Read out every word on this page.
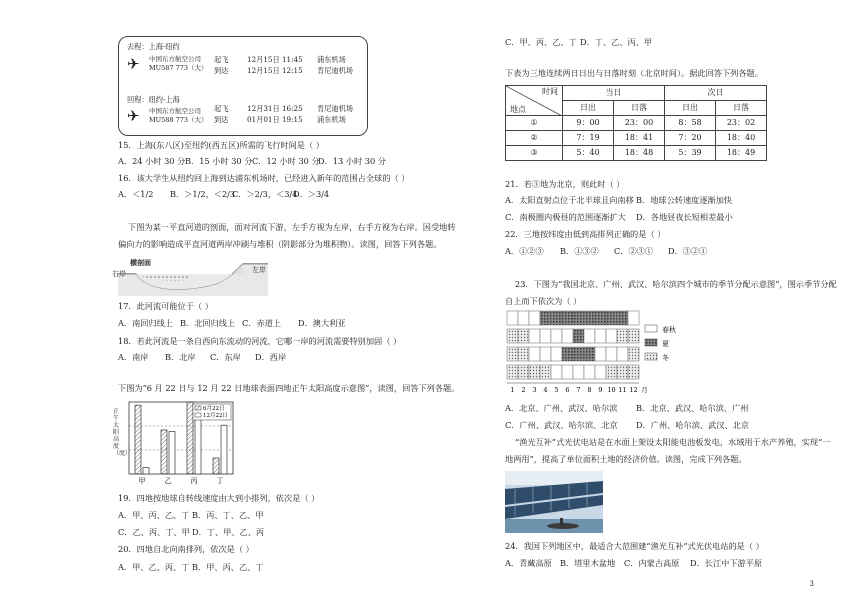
去程：上海-纽约
✈ 中国东方航空公司
MU587 773（大）
起飞	12月15日 11:45 浦东机场
到达	12月15日 12:15 肯尼迪机场
回程：纽约-上海
✈ 中国东方航空公司
MU588 773（大）
起飞	12月31日 16:25 肯尼迪机场
到达	01月01日 19:15 浦东机场
15．上海(东八区)至纽约(西五区)所需的飞行时间是（ ）
A．24 小时 30 分 B．15 小时 30 分 C．12 小时 30 分
D．13 小时 30 分
16．该大学生从纽约回上海到达浦东机场时，已经进入新年的范围占全球的（ ）
A．＜1/2 B．＞1/2，＜2/3
C．＞2/3，＜3/4
D．＞3/4
下图为某一平直河道的剖面，面对河流下游，左手方视为左岸，右手方视为右岸。因受地转
偏向力的影响造成平直河道两岸冲刷与堆积（阴影部分为堆积物）。读图，回答下列各题。
横剖面
右岸	左岸
17．此河流可能位于（ ）
A．南回归线上 B．北回归线上 C．赤道上 D．澳大利亚
18．若此河流是一条自西向东流动的河流，它哪一岸的河流需要特别加固（ ）
A．南岸 B．北岸 C．东岸 D．西岸
下图为“6 月 22 日与 12 月 22 日地球表面四地正午太阳高度示意图”，读图，回答下列各题。
正午太阳高度（度）
甲	乙	丙	丁
6月22日
12月22日
19．四地按地球自转线速度由大到小排列，依次是（ ）
A．甲、丙、乙、丁 B．丙、丁、乙、甲
C．乙、丙、丁、甲 D．丁、甲、乙、丙
20．四地自北向南排列，依次是（ ）
A．甲、乙、丙、丁 B．甲、丙、乙、丁
C．甲、丙、乙、丁 D．丁、乙、丙、甲
下表为三地连续两日日出与日落时刻（北京时间）。据此回答下列各题。
时间
地点	当日		次日	
	日出	日落	日出	日落
①	9：00	23：00	8：58	23：02
②	7：19	18：41	7：20	18：40
③	5：40	18：48	5：39	18：49
21．若③地为北京，则此时（ ）
A．太阳直射点位于北半球且向南移 B．地球公转速度逐渐加快
C．南极圈内极昼的范围逐渐扩大 D．各地昼夜长短相差最小
22．三地按纬度由低到高排列正确的是（ ）
A．①②③ B．①③② C．②③① D．③②①
23．下图为“我国北京、广州、武汉、哈尔滨四个城市的季节分配示意图”，图示季节分配
自上而下依次为（ ）
1 2 3 4 5 6 7 8 9 10 11 12 月
春秋
夏
冬
A．北京、广州、武汉、哈尔滨 B．北京、武汉、哈尔滨、广州
C．广州、武汉、哈尔滨、北京 D．广州、哈尔滨、武汉、北京
“渔光互补”式光伏电站是在水面上架设太阳能电池板发电，水域用于水产养殖，实现“一
地两用”，提高了单位面积土地的经济价值。读图，完成下列各题。
24．我国下列地区中，最适合大范围建“渔光互补”式光伏电站的是（ ）
A．青藏高原 B．塔里木盆地 C．内蒙古高原 D．长江中下游平原
3
